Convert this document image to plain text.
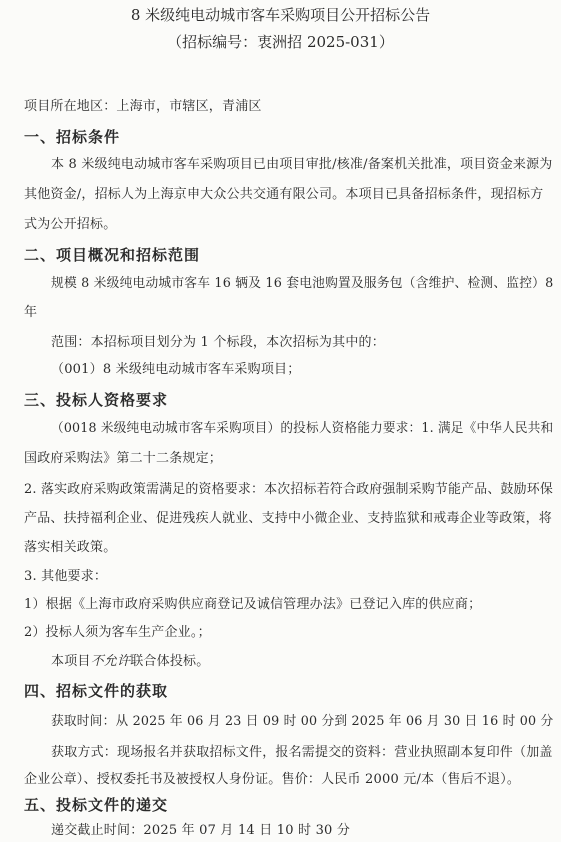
8 米级纯电动城市客车采购项目公开招标公告
（招标编号：衷洲招 2025-031）
项目所在地区：上海市，市辖区，青浦区
一、招标条件
本 8 米级纯电动城市客车采购项目已由项目审批/核准/备案机关批准，项目资金来源为
其他资金/，招标人为上海京申大众公共交通有限公司。本项目已具备招标条件，现招标方
式为公开招标。
二、项目概况和招标范围
规模 8 米级纯电动城市客车 16 辆及 16 套电池购置及服务包（含维护、检测、监控）8
年
范围：本招标项目划分为 1 个标段，本次招标为其中的：
（001）8 米级纯电动城市客车采购项目；
三、投标人资格要求
（0018 米级纯电动城市客车采购项目）的投标人资格能力要求：1. 满足《中华人民共和
国政府采购法》第二十二条规定；
2. 落实政府采购政策需满足的资格要求：本次招标若符合政府强制采购节能产品、鼓励环保
产品、扶持福利企业、促进残疾人就业、支持中小微企业、支持监狱和戒毒企业等政策，将
落实相关政策。
3. 其他要求：
1）根据《上海市政府采购供应商登记及诚信管理办法》已登记入库的供应商；
2）投标人须为客车生产企业。；
本项目不允许联合体投标。
四、招标文件的获取
获取时间：从 2025 年 06 月 23 日 09 时 00 分到 2025 年 06 月 30 日 16 时 00 分
获取方式：现场报名并获取招标文件，报名需提交的资料：营业执照副本复印件（加盖
企业公章）、授权委托书及被授权人身份证。售价：人民币 2000 元/本（售后不退）。
五、投标文件的递交
递交截止时间：2025 年 07 月 14 日 10 时 30 分
